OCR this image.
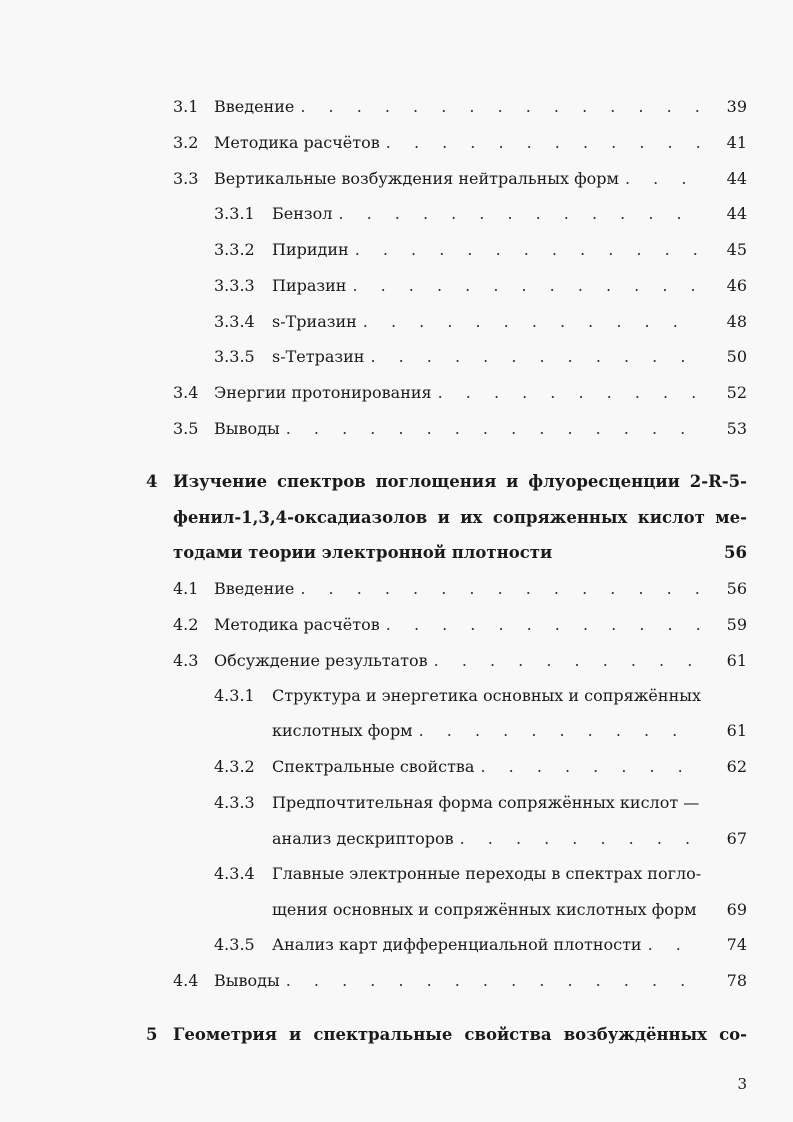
3.1 Введение . . .	39
3.2 Методика расчётов . . .	41
3.3 Вертикальные возбуждения нейтральных форм . . .	44
3.3.1 Бензол . . .	44
3.3.2 Пиридин . . .	45
3.3.3 Пиразин . . .	46
3.3.4 s-Триазин . . .	48
3.3.5 s-Тетразин . . .	50
3.4 Энергии протонирования . . .	52
3.5 Выводы . . .	53
4 Изучение спектров поглощения и флуоресценции 2-R-5-
фенил-1,3,4-оксадиазолов и их сопряженных кислот ме-
тодами теории электронной плотности	56
4.1 Введение . . .	56
4.2 Методика расчётов . . .	59
4.3 Обсуждение результатов . . .	61
4.3.1 Структура и энергетика основных и сопряжённых
кислотных форм . . .	61
4.3.2 Спектральные свойства . . .	62
4.3.3 Предпочтительная форма сопряжённых кислот —
анализ дескрипторов . . .	67
4.3.4 Главные электронные переходы в спектрах погло-
щения основных и сопряжённых кислотных форм 69
4.3.5 Анализ карт дифференциальной плотности . . .	74
4.4 Выводы . . .	78
5 Геометрия и спектральные свойства возбуждённых со-
3
